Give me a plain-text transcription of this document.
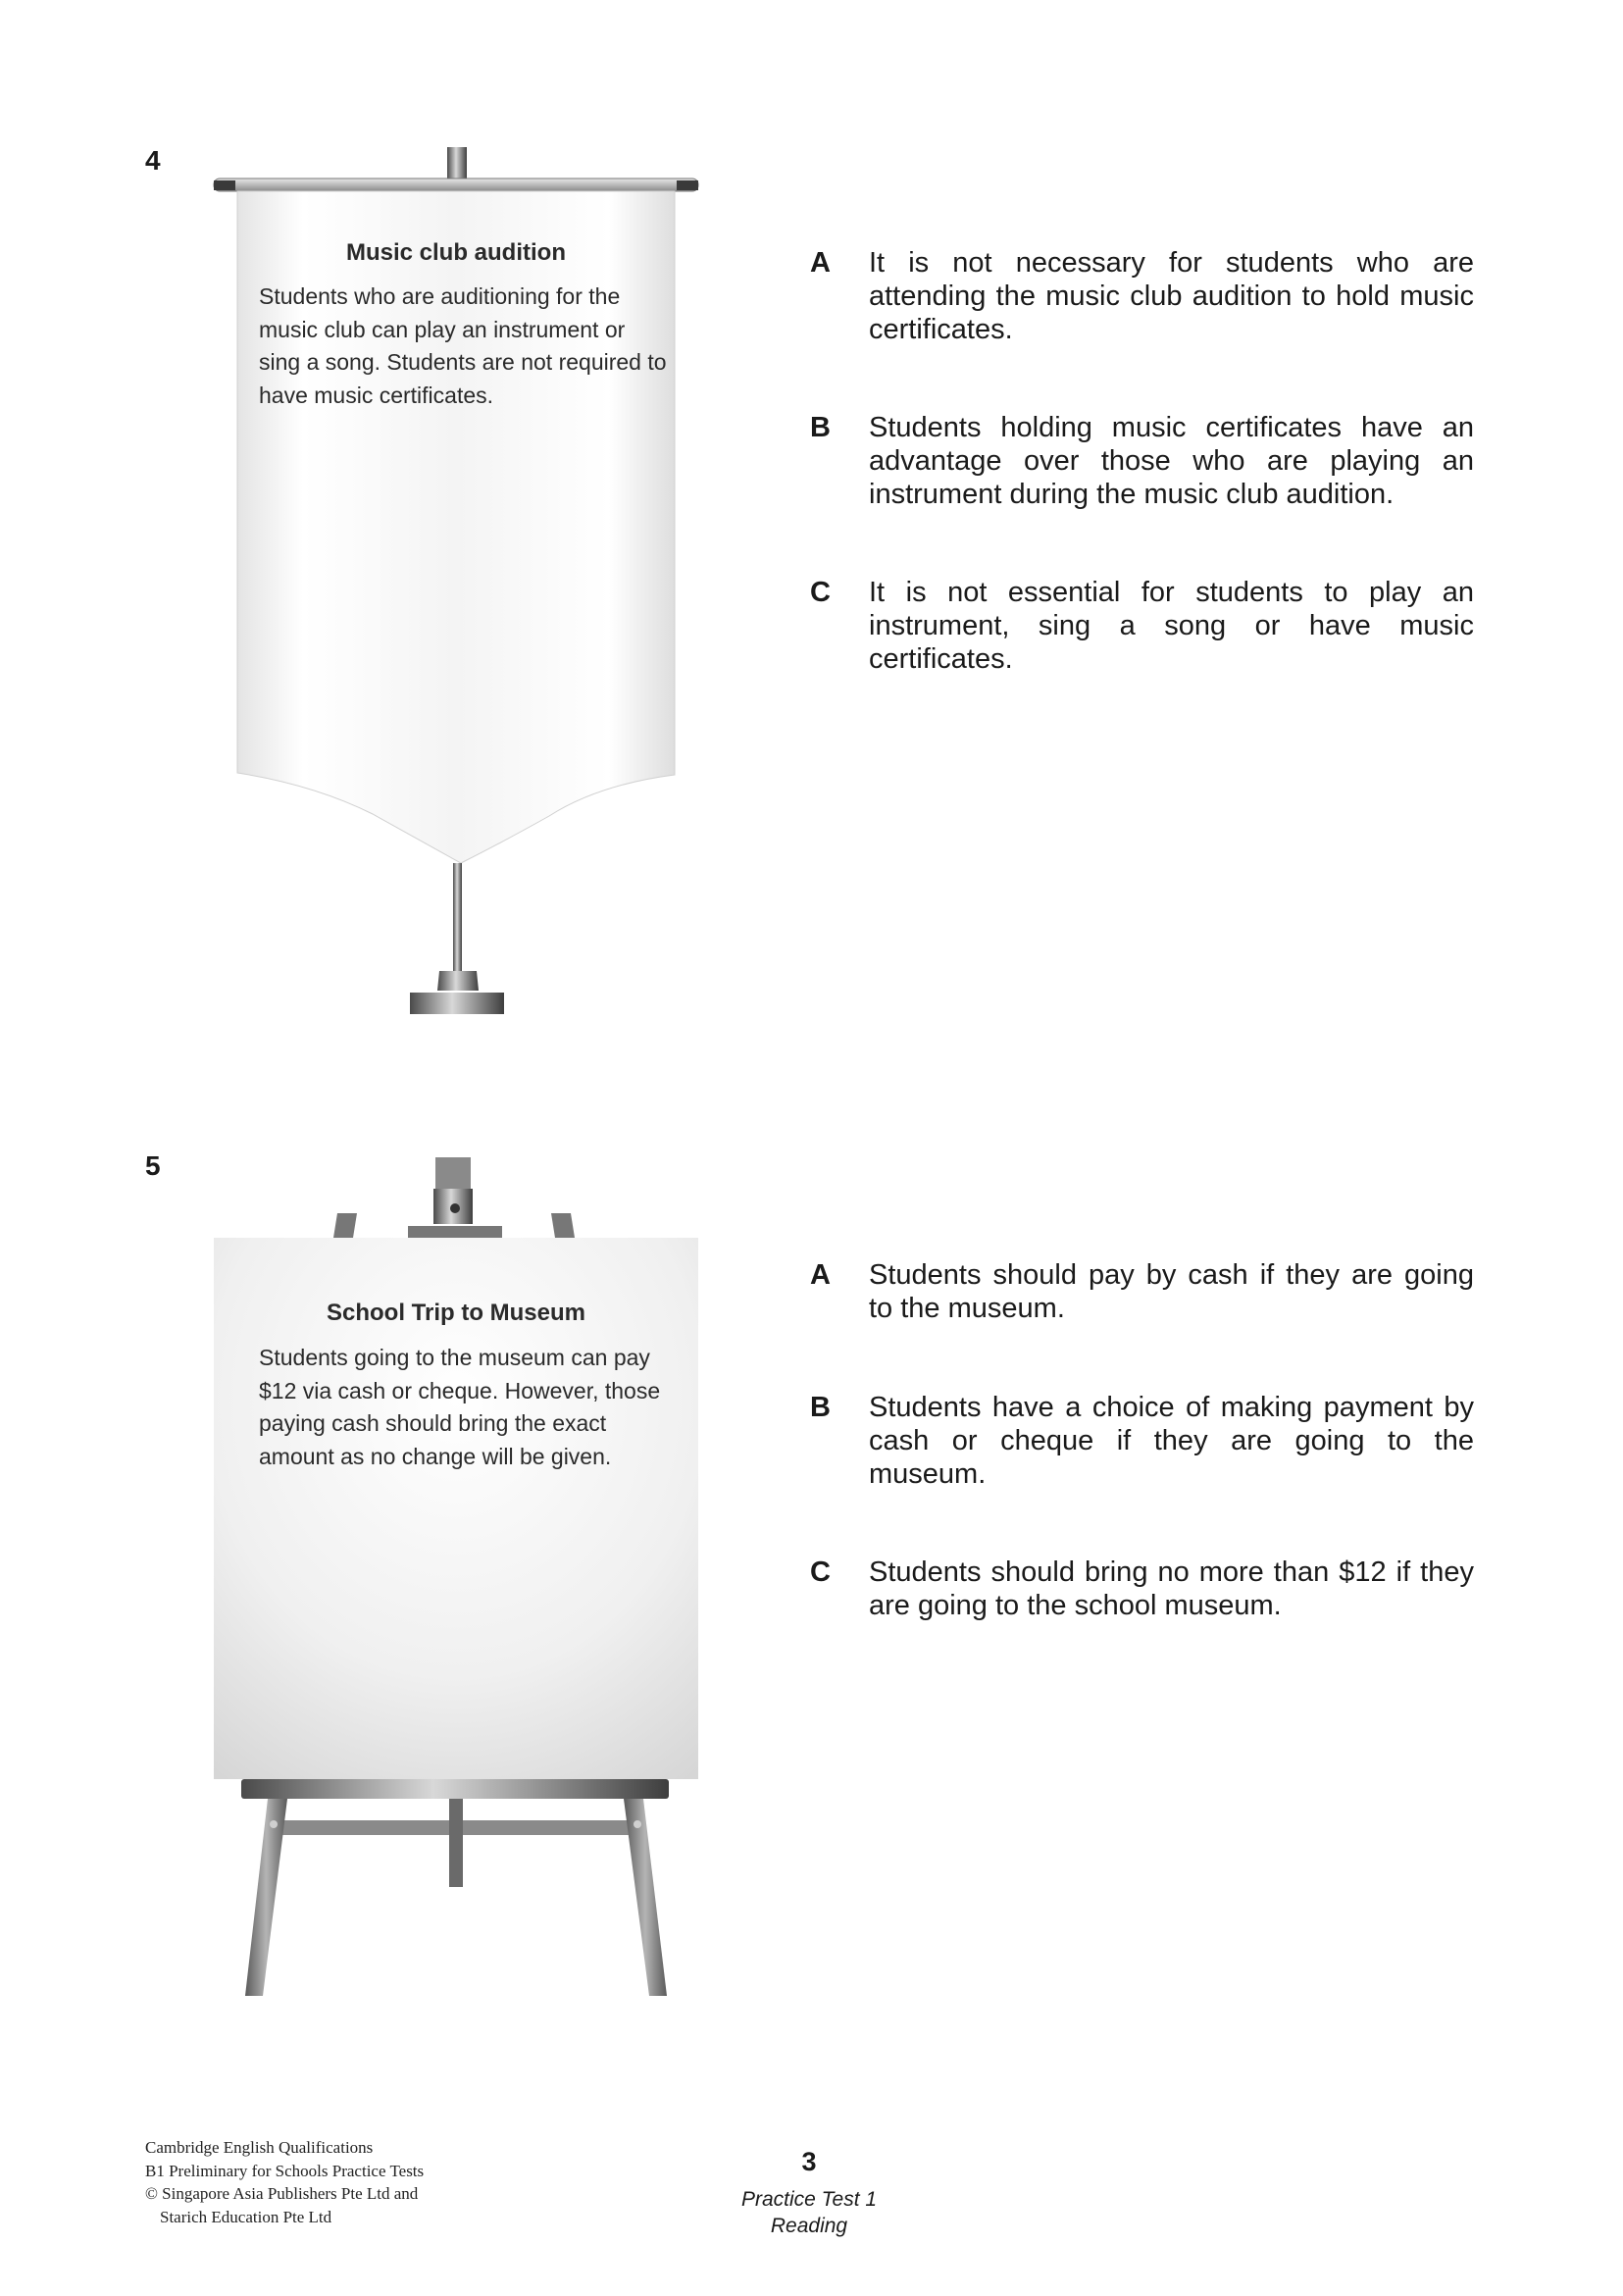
4
Music club audition
Students who are auditioning for the music club can play an instrument or sing a song. Students are not required to have music certificates.
A	It is not necessary for students who are attending the music club audition to hold music certificates.
B	Students holding music certificates have an advantage over those who are playing an instrument during the music club audition.
C	It is not essential for students to play an instrument, sing a song or have music certificates.
5
School Trip to Museum
Students going to the museum can pay $12 via cash or cheque. However, those paying cash should bring the exact amount as no change will be given.
A	Students should pay by cash if they are going to the museum.
B	Students have a choice of making payment by cash or cheque if they are going to the museum.
C	Students should bring no more than $12 if they are going to the school museum.
Cambridge English Qualifications
B1 Preliminary for Schools Practice Tests
© Singapore Asia Publishers Pte Ltd and
Starich Education Pte Ltd
3
Practice Test 1
Reading
